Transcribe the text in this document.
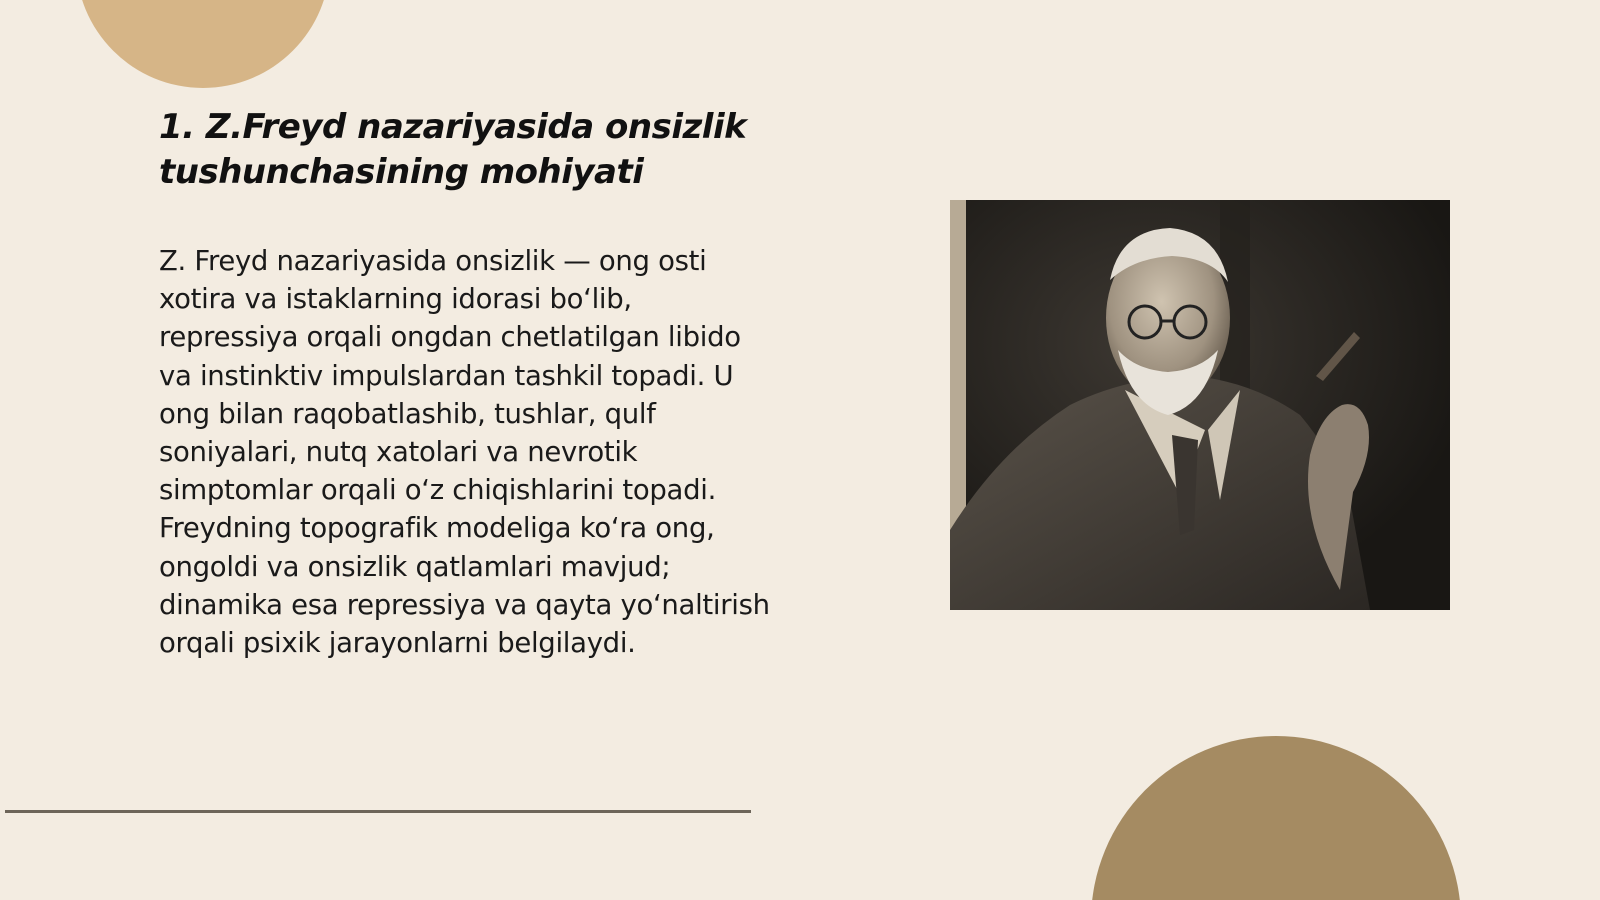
1. Z.Freyd nazariyasida onsizlik tushunchasining mohiyati

Z. Freyd nazariyasida onsizlik — ong osti
xotira va istaklarning idorasi bo‘lib,
repressiya orqali ongdan chetlatilgan libido
va instinktiv impulslardan tashkil topadi. U
ong bilan raqobatlashib, tushlar, qulf
soniyalari, nutq xatolari va nevrotik
simptomlar orqali o‘z chiqishlarini topadi.
Freydning topografik modeliga ko‘ra ong,
ongoldi va onsizlik qatlamlari mavjud;
dinamika esa repressiya va qayta yo‘naltirish
orqali psixik jarayonlarni belgilaydi.
